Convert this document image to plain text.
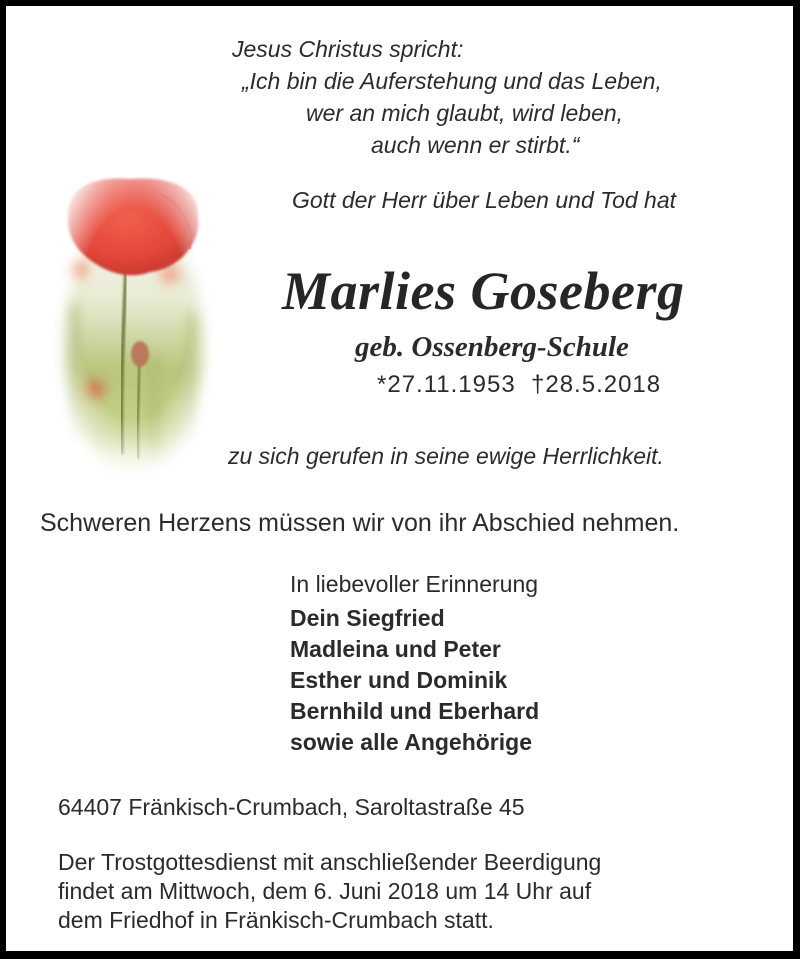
Jesus Christus spricht:
„Ich bin die Auferstehung und das Leben,
wer an mich glaubt, wird leben,
auch wenn er stirbt.“
Gott der Herr über Leben und Tod hat
Marlies Goseberg
geb. Ossenberg-Schule
*27.11.1953  †28.5.2018
zu sich gerufen in seine ewige Herrlichkeit.
Schweren Herzens müssen wir von ihr Abschied nehmen.
In liebevoller Erinnerung
Dein Siegfried
Madleina und Peter
Esther und Dominik
Bernhild und Eberhard
sowie alle Angehörige
64407 Fränkisch-Crumbach, Saroltastraße 45
Der Trostgottesdienst mit anschließender Beerdigung
findet am Mittwoch, dem 6. Juni 2018 um 14 Uhr auf
dem Friedhof in Fränkisch-Crumbach statt.
